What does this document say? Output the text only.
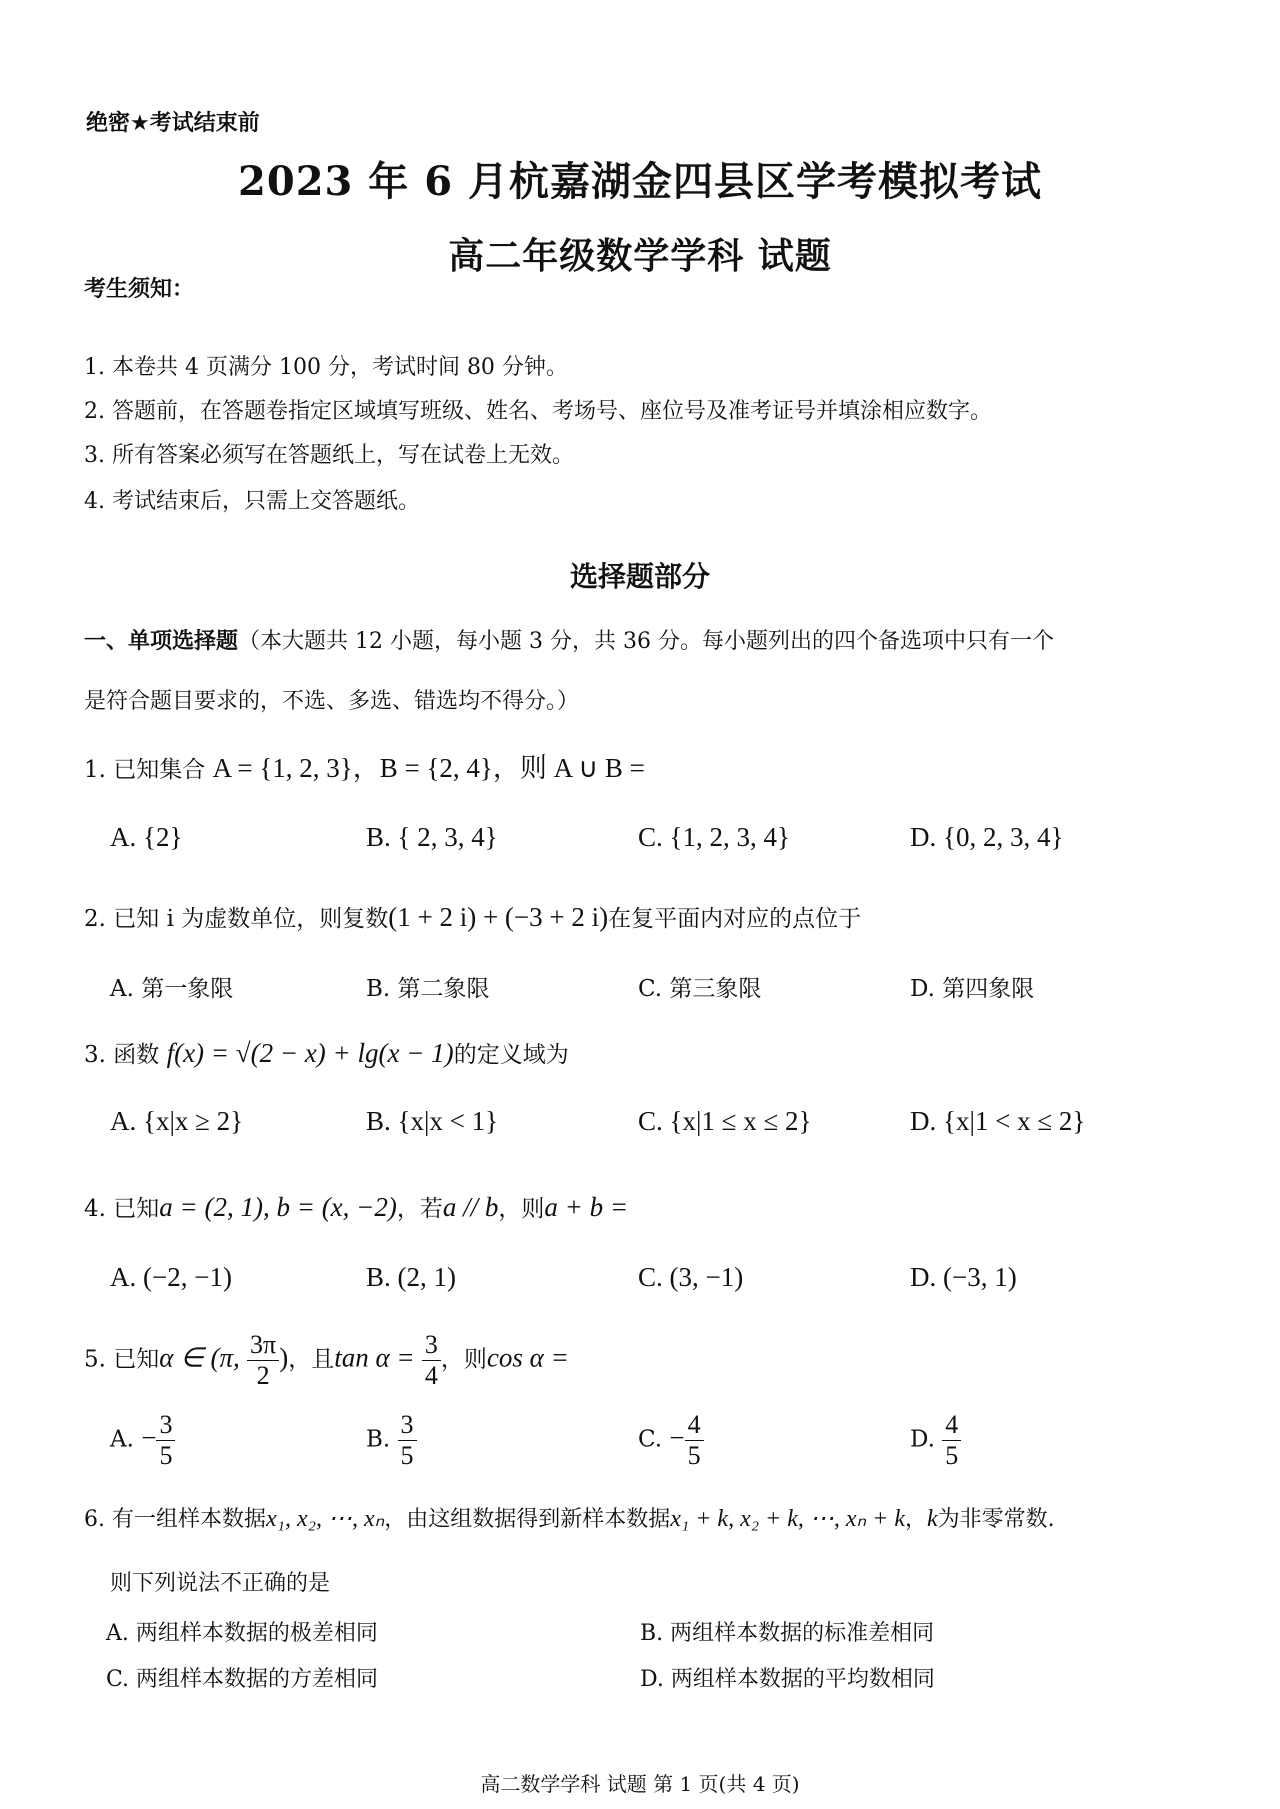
绝密★考试结束前
2023 年 6 月杭嘉湖金四县区学考模拟考试
高二年级数学学科 试题
考生须知：
1. 本卷共 4 页满分 100 分，考试时间 80 分钟。
2. 答题前，在答题卷指定区域填写班级、姓名、考场号、座位号及准考证号并填涂相应数字。
3. 所有答案必须写在答题纸上，写在试卷上无效。
4. 考试结束后，只需上交答题纸。
选择题部分
一、单项选择题（本大题共 12 小题，每小题 3 分，共 36 分。每小题列出的四个备选项中只有一个
是符合题目要求的，不选、多选、错选均不得分。）
1. 已知集合 A = {1, 2, 3}，B = {2, 4}，则 A ∪ B =
A. {2}	B. { 2, 3, 4}	C. {1, 2, 3, 4}	D. {0, 2, 3, 4}
2. 已知 i 为虚数单位，则复数(1 + 2 i) + (−3 + 2 i)在复平面内对应的点位于
A. 第一象限	B. 第二象限	C. 第三象限	D. 第四象限
3. 函数 f(x) = √(2 − x) + lg(x − 1)的定义域为
A. {x|x ≥ 2}	B. {x|x < 1}	C. {x|1 ≤ x ≤ 2}	D. {x|1 < x ≤ 2}
4. 已知a = (2, 1), b = (x, −2)，若a // b，则a + b =
A. (−2, −1)	B. (2, 1)	C. (3, −1)	D. (−3, 1)
5. 已知α ∈ (π, $\frac{3\pi}{2}$ )，且$\tan \alpha = \frac{3}{4}$ ，则cos α =
A. − $\frac{3}{5}$	B. $\frac{3}{5}$	C. − $\frac{4}{5}$	D. $\frac{4}{5}$
6. 有一组样本数据x₁, x₂, ⋯, xₙ，由这组数据得到新样本数据x₁ + k, x₂ + k, ⋯, xₙ + k，k为非零常数.
则下列说法不正确的是
A. 两组样本数据的极差相同	B. 两组样本数据的标准差相同
C. 两组样本数据的方差相同	D. 两组样本数据的平均数相同
高二数学学科 试题 第 1 页(共 4 页)
